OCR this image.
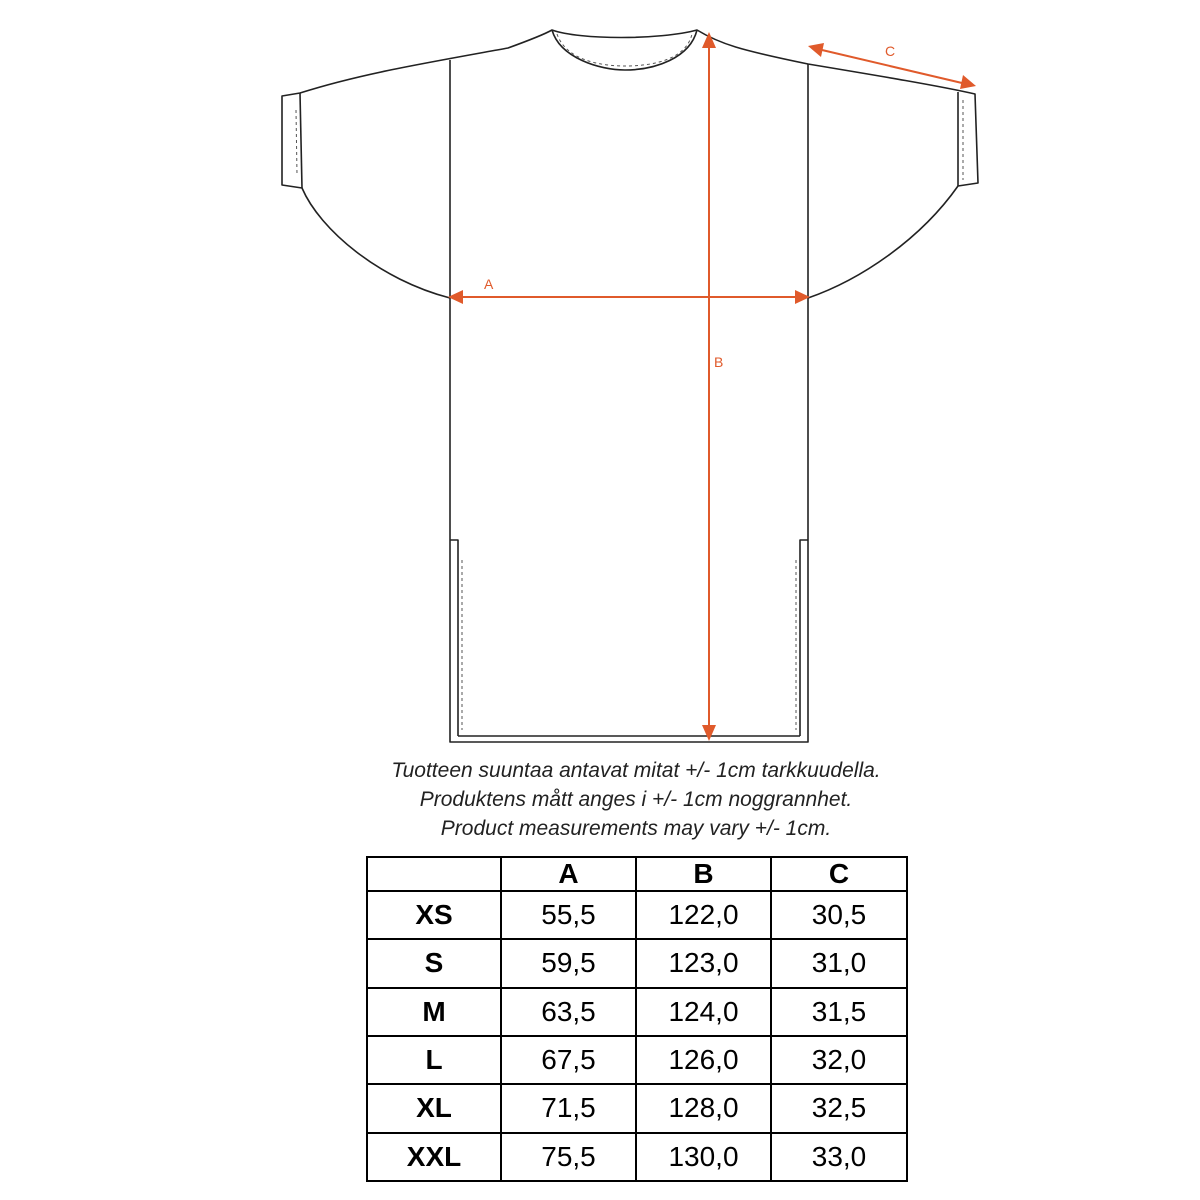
A
B
C
Tuotteen suuntaa antavat mitat +/- 1cm tarkkuudella.
Produktens mått anges i +/- 1cm noggrannhet.
Product measurements may vary +/- 1cm.
	A	B	C
XS	55,5	122,0	30,5
S	59,5	123,0	31,0
M	63,5	124,0	31,5
L	67,5	126,0	32,0
XL	71,5	128,0	32,5
XXL	75,5	130,0	33,0
